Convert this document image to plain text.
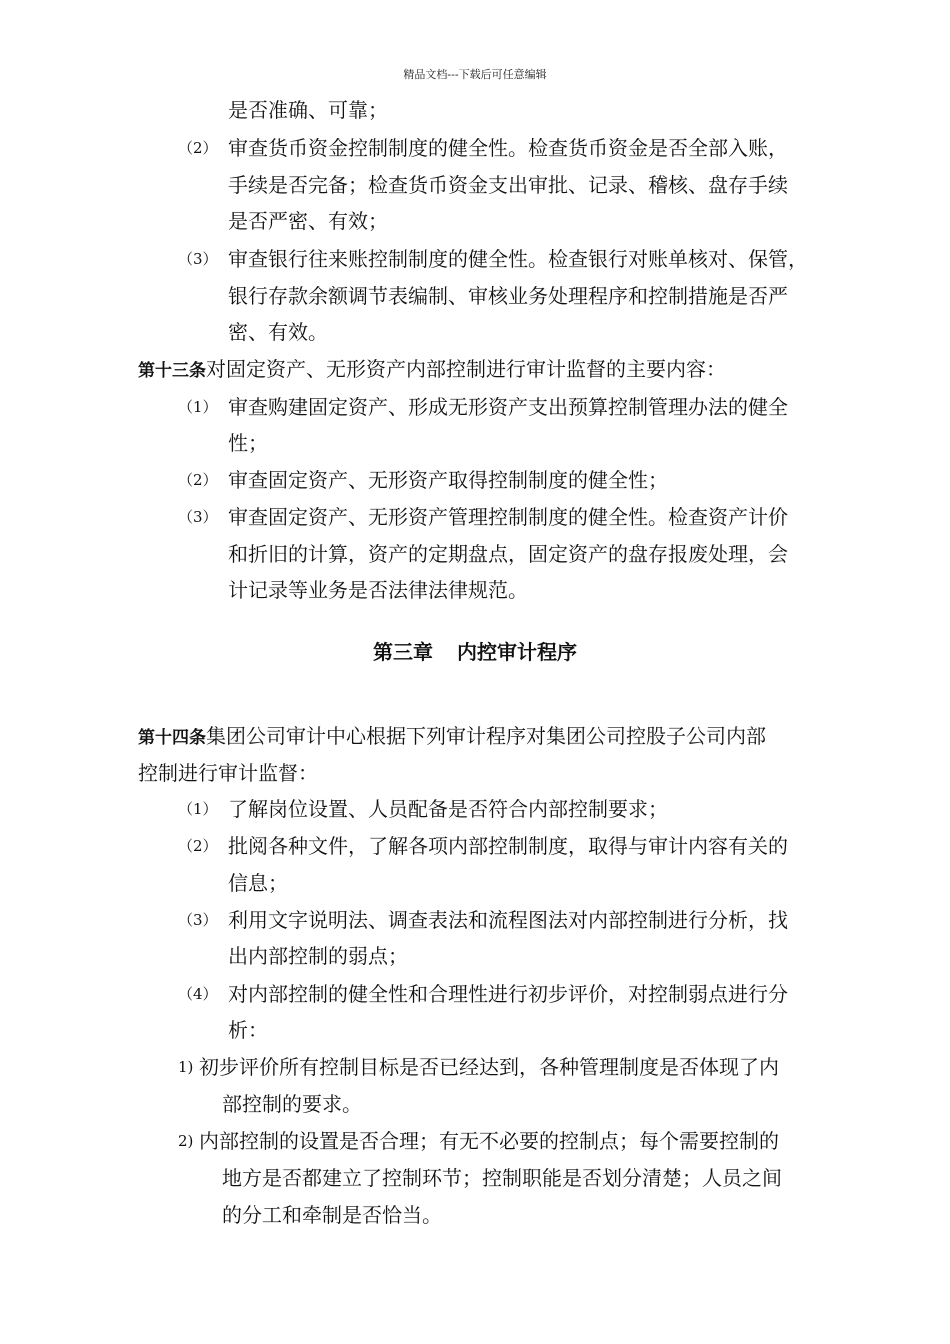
精品文档---下载后可任意编辑
是否准确、可靠；
（2） 审查货币资金控制制度的健全性。检查货币资金是否全部入账，
手续是否完备；检查货币资金支出审批、记录、稽核、盘存手续
是否严密、有效；
（3） 审查银行往来账控制制度的健全性。检查银行对账单核对、保管，
银行存款余额调节表编制、审核业务处理程序和控制措施是否严
密、有效。
第十三条对固定资产、无形资产内部控制进行审计监督的主要内容：
（1） 审查购建固定资产、形成无形资产支出预算控制管理办法的健全
性；
（2） 审查固定资产、无形资产取得控制制度的健全性；
（3） 审查固定资产、无形资产管理控制制度的健全性。检查资产计价
和折旧的计算，资产的定期盘点，固定资产的盘存报废处理，会
计记录等业务是否法律法律规范。
第三章 内控审计程序
第十四条集团公司审计中心根据下列审计程序对集团公司控股子公司内部
控制进行审计监督：
（1） 了解岗位设置、人员配备是否符合内部控制要求；
（2） 批阅各种文件，了解各项内部控制制度，取得与审计内容有关的
信息；
（3） 利用文字说明法、调查表法和流程图法对内部控制进行分析，找
出内部控制的弱点；
（4） 对内部控制的健全性和合理性进行初步评价，对控制弱点进行分
析：
1) 初步评价所有控制目标是否已经达到，各种管理制度是否体现了内
部控制的要求。
2) 内部控制的设置是否合理；有无不必要的控制点；每个需要控制的
地方是否都建立了控制环节；控制职能是否划分清楚；人员之间
的分工和牵制是否恰当。
